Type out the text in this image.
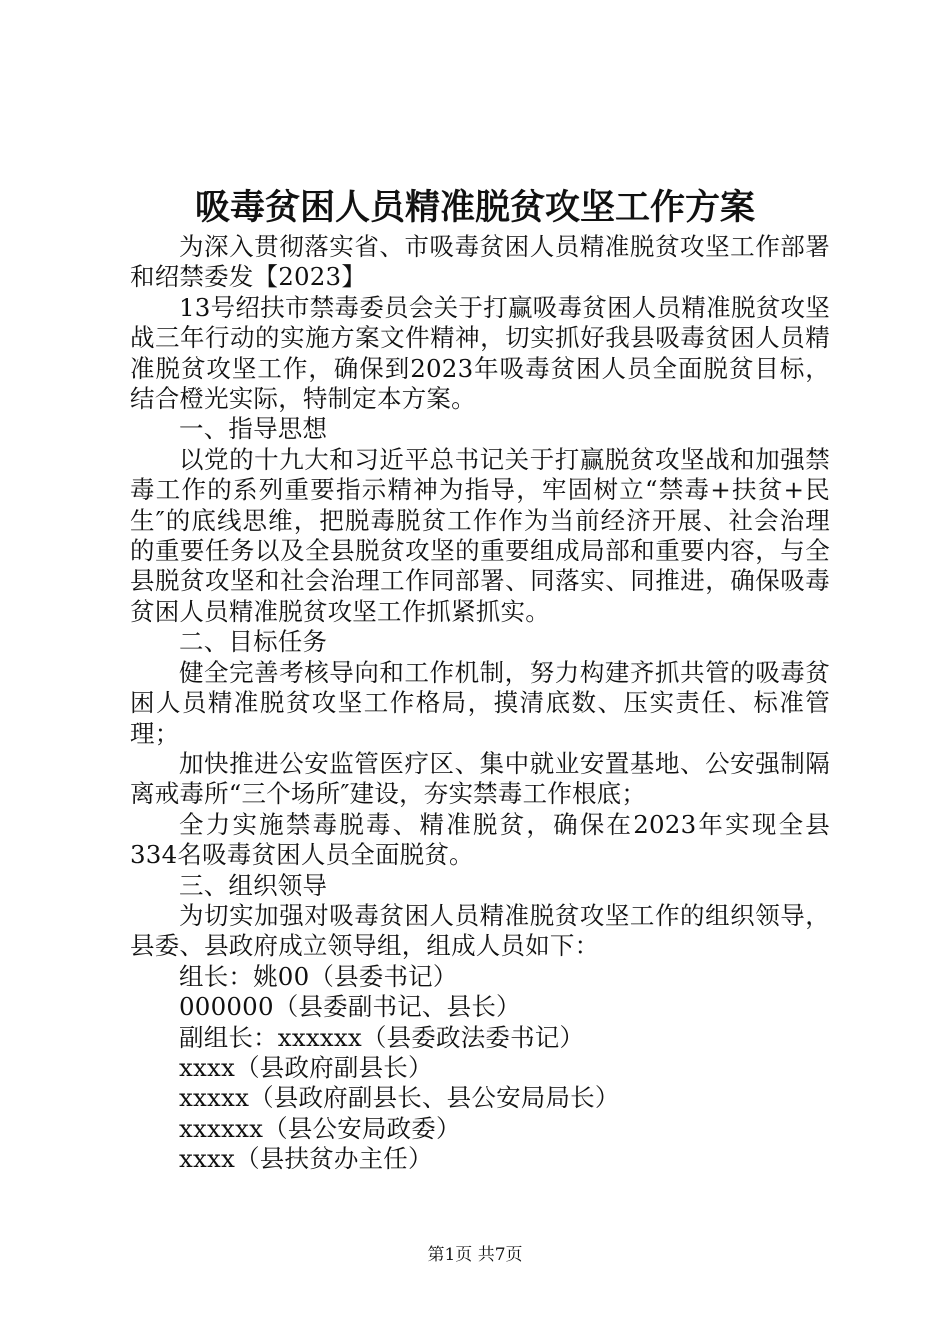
吸毒贫困人员精准脱贫攻坚工作方案

为深入贯彻落实省、市吸毒贫困人员精准脱贫攻坚工作部署和绍禁委发【2023】

13号绍扶市禁毒委员会关于打赢吸毒贫困人员精准脱贫攻坚战三年行动的实施方案文件精神，切实抓好我县吸毒贫困人员精准脱贫攻坚工作，确保到2023年吸毒贫困人员全面脱贫目标，结合橙光实际，特制定本方案。

一、指导思想

以党的十九大和习近平总书记关于打赢脱贫攻坚战和加强禁毒工作的系列重要指示精神为指导，牢固树立“禁毒+扶贫+民生″的底线思维，把脱毒脱贫工作作为当前经济开展、社会治理的重要任务以及全县脱贫攻坚的重要组成局部和重要内容，与全县脱贫攻坚和社会治理工作同部署、同落实、同推进，确保吸毒贫困人员精准脱贫攻坚工作抓紧抓实。

二、目标任务

健全完善考核导向和工作机制，努力构建齐抓共管的吸毒贫困人员精准脱贫攻坚工作格局，摸清底数、压实责任、标准管理；

加快推进公安监管医疗区、集中就业安置基地、公安强制隔离戒毒所“三个场所″建设，夯实禁毒工作根底；

全力实施禁毒脱毒、精准脱贫，确保在2023年实现全县334名吸毒贫困人员全面脱贫。

三、组织领导

为切实加强对吸毒贫困人员精准脱贫攻坚工作的组织领导，县委、县政府成立领导组，组成人员如下：

组长：姚00（县委书记）

000000（县委副书记、县长）

副组长：xxxxxx（县委政法委书记）

xxxx（县政府副县长）

xxxxx（县政府副县长、县公安局局长）

xxxxxx（县公安局政委）

xxxx（县扶贫办主任）

第1页 共7页
